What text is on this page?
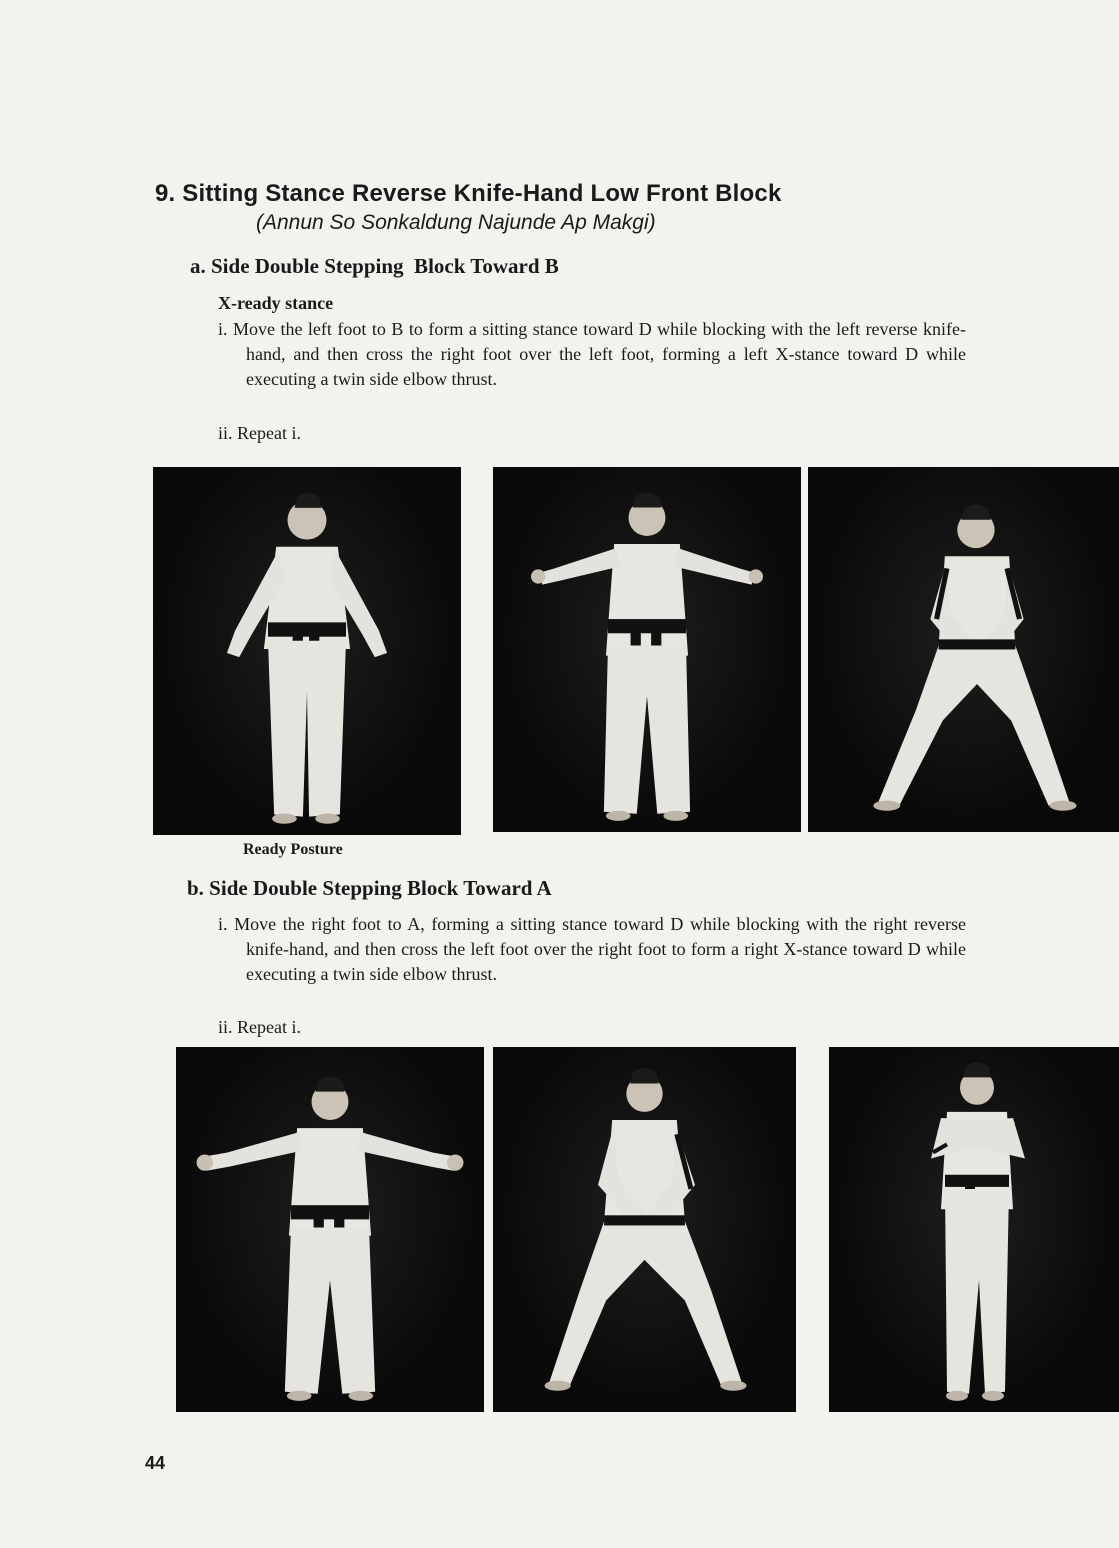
9. Sitting Stance Reverse Knife-Hand Low Front Block
(Annun So Sonkaldung Najunde Ap Makgi)
a. Side Double Stepping  Block Toward B
X-ready stance
i. Move the left foot to B to form a sitting stance toward D while blocking with the left reverse knife-hand, and then cross the right foot over the left foot, forming a left X-stance toward D while executing a twin side elbow thrust.
ii. Repeat i.
Ready Posture
b. Side Double Stepping Block Toward A
i. Move the right foot to A, forming a sitting stance toward D while blocking with the right reverse knife-hand, and then cross the left foot over the right foot to form a right X-stance toward D while executing a twin side elbow thrust.
ii. Repeat i.
44
